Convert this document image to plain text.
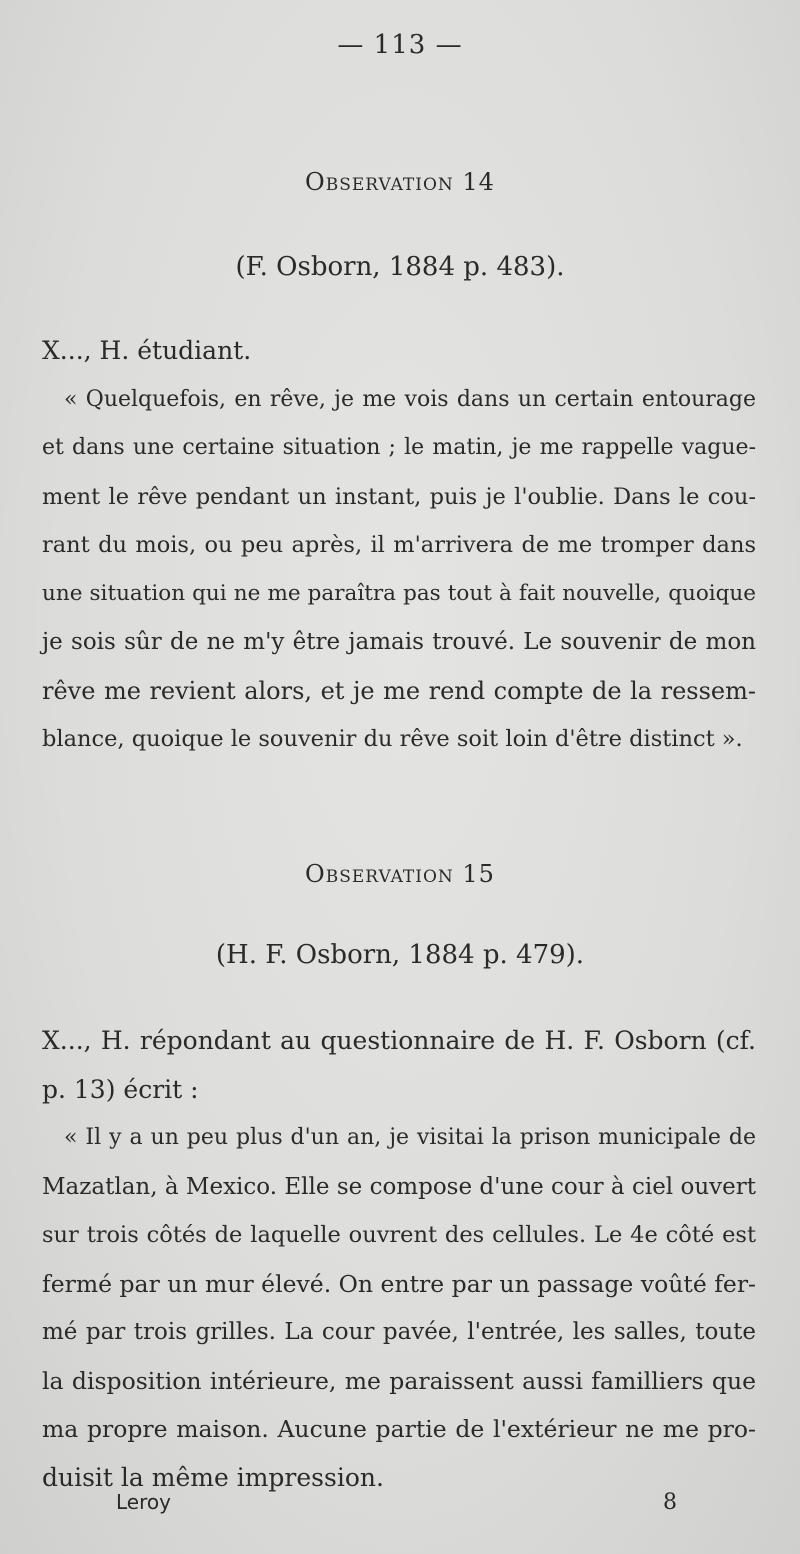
— 113 —
Observation 14
(F. Osborn, 1884 p. 483).
X..., H. étudiant.
« Quelquefois, en rêve, je me vois dans un certain entourage
et dans une certaine situation ; le matin, je me rappelle vague-
ment le rêve pendant un instant, puis je l'oublie. Dans le cou-
rant du mois, ou peu après, il m'arrivera de me tromper dans
une situation qui ne me paraîtra pas tout à fait nouvelle, quoique
je sois sûr de ne m'y être jamais trouvé. Le souvenir de mon
rêve me revient alors, et je me rend compte de la ressem-
blance, quoique le souvenir du rêve soit loin d'être distinct ».
Observation 15
(H. F. Osborn, 1884 p. 479).
X..., H. répondant au questionnaire de H. F. Osborn (cf.
p. 13) écrit :
« Il y a un peu plus d'un an, je visitai la prison municipale de
Mazatlan, à Mexico. Elle se compose d'une cour à ciel ouvert
sur trois côtés de laquelle ouvrent des cellules. Le 4e côté est
fermé par un mur élevé. On entre par un passage voûté fer-
mé par trois grilles. La cour pavée, l'entrée, les salles, toute
la disposition intérieure, me paraissent aussi familliers que
ma propre maison. Aucune partie de l'extérieur ne me pro-
duisit la même impression.
Leroy	8
